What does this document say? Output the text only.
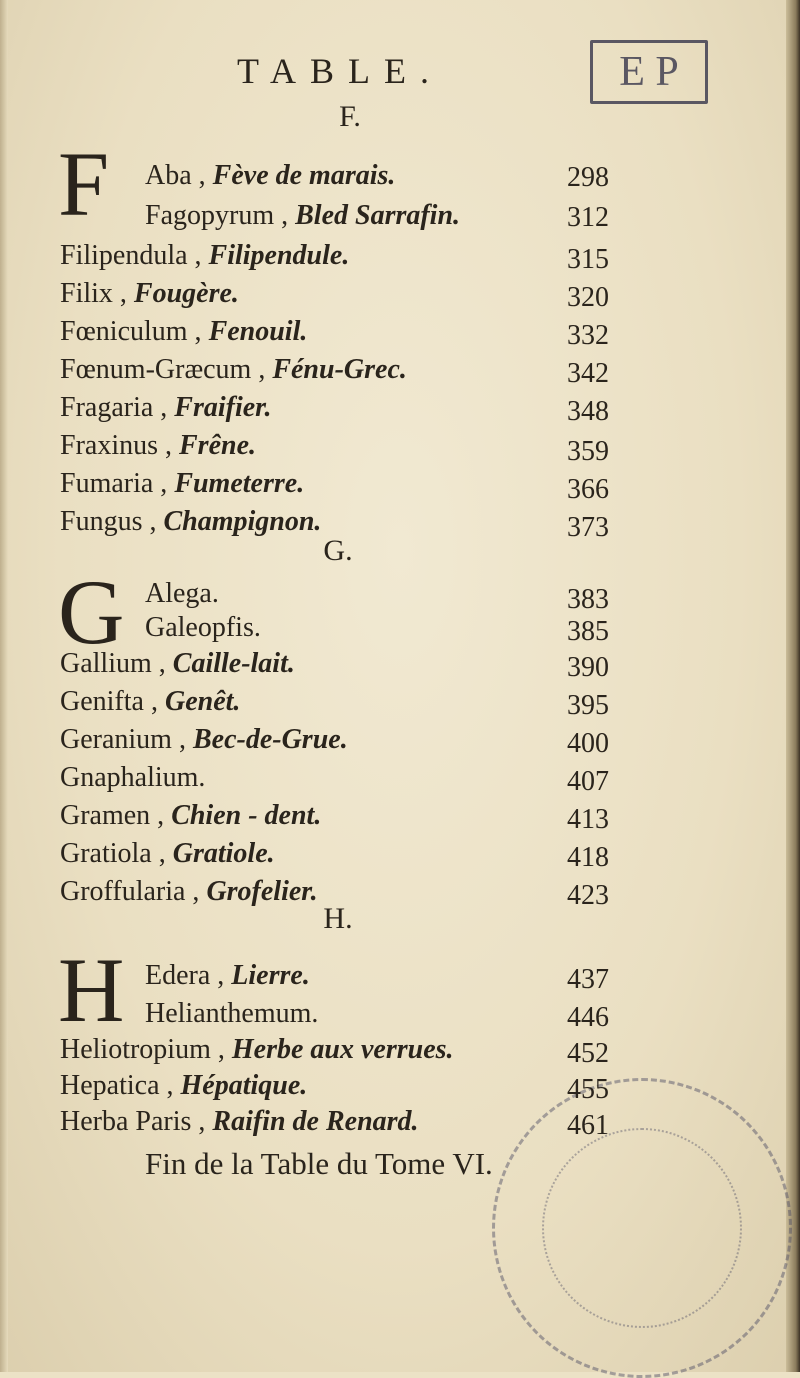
TABLE.	E P
F.
F Aba , Fève de marais.	298
Fagopyrum , Bled Sarrafin.	312
Filipendula , Filipendule.	315
Filix , Fougère.	320
Fœniculum , Fenouil.	332
Fœnum-Græcum , Fénu-Grec.	342
Fragaria , Fraifier.	348
Fraxinus , Frêne.	359
Fumaria , Fumeterre.	366
Fungus , Champignon.	373
G.
G Alega.	383
Galeopfis.	385
Gallium , Caille-lait.	390
Genifta , Genêt.	395
Geranium , Bec-de-Grue.	400
Gnaphalium.	407
Gramen , Chien - dent.	413
Gratiola , Gratiole.	418
Groffularia , Grofelier.	423
H.
H Edera , Lierre.	437
Helianthemum.	446
Heliotropium , Herbe aux verrues.	452
Hepatica , Hépatique.	455
Herba Paris , Raifin de Renard.	461
Fin de la Table du Tome VI.
